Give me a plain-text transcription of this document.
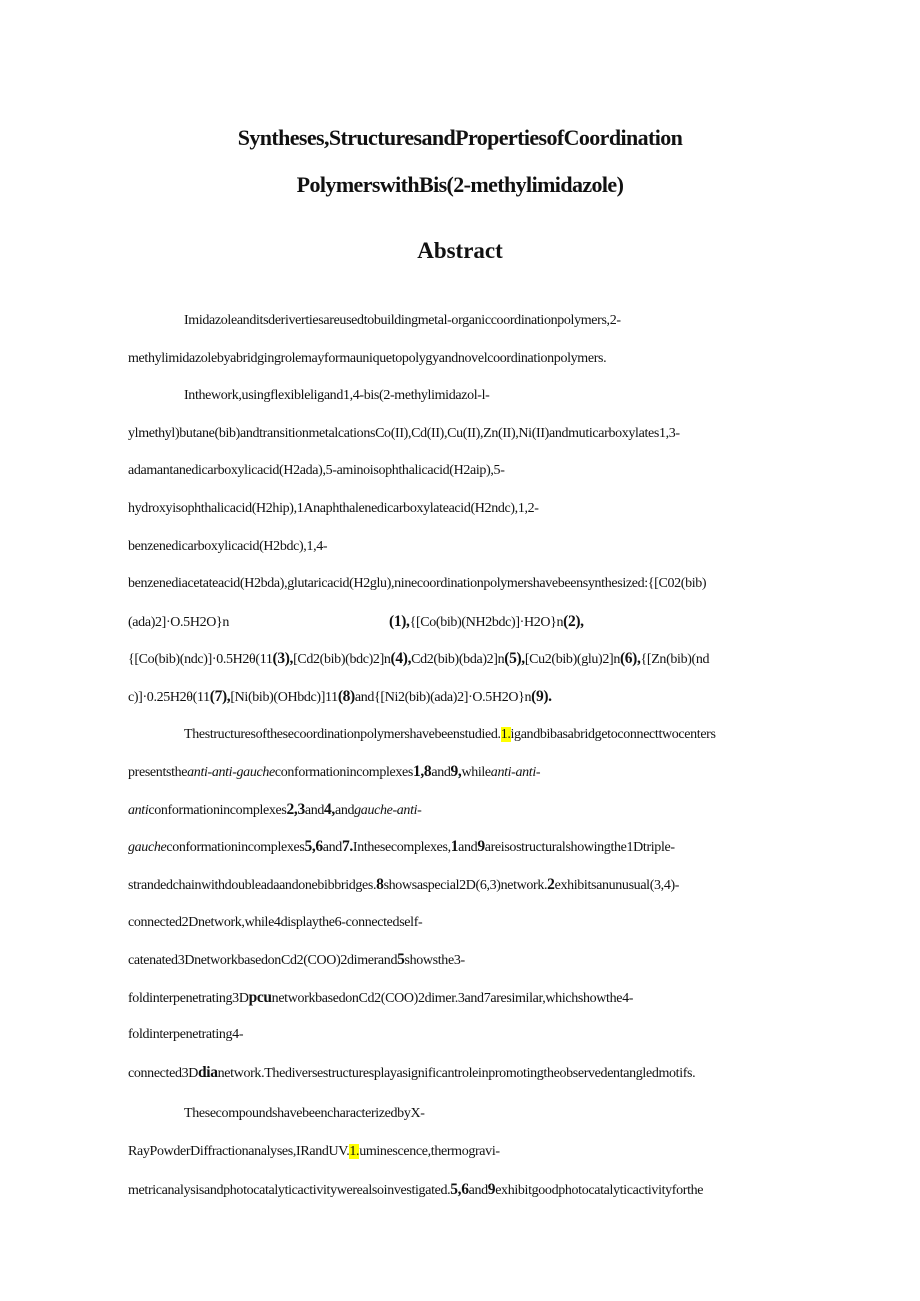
Syntheses,StructuresandPropertiesofCoordination
PolymerswithBis(2-methylimidazole)
Abstract
Imidazoleanditsderivertiesareusedtobuildingmetal-organiccoordinationpolymers,2-
methylimidazolebyabridgingrolemayformauniquetopolygyandnovelcoordinationpolymers.
Inthework,usingflexibleligand1,4-bis(2-methylimidazol-l-
ylmethyl)butane(bib)andtransitionmetalcationsCo(II),Cd(II),Cu(II),Zn(II),Ni(II)andmuticarboxylates1,3-
adamantanedicarboxylicacid(H2ada),5-aminoisophthalicacid(H2aip),5-
hydroxyisophthalicacid(H2hip),1Anaphthalenedicarboxylateacid(H2ndc),1,2-
benzenedicarboxylicacid(H2bdc),1,4-
benzenediacetateacid(H2bda),glutaricacid(H2glu),ninecoordinationpolymershavebeensynthesized:{[C02(bib)
(ada)2]·O.5H2O}n	(1),{[Co(bib)(NH2bdc)]·H2O}n(2),
{[Co(bib)(ndc)]·0.5H2θ(11(3),[Cd2(bib)(bdc)2]n(4),Cd2(bib)(bda)2]n(5),[Cu2(bib)(glu)2]n(6),{[Zn(bib)(nd
c)]·0.25H2θ(11(7),[Ni(bib)(OHbdc)]11(8)and{[Ni2(bib)(ada)2]·O.5H2O}n(9).
Thestructuresofthesecoordinationpolymershavebeenstudied.1.igandbibasabridgetoconnecttwocenters
presentstheanti-anti-gaucheconformationincomplexes1,8and9,whileanti-anti-
anticonformationincomplexes2,3and4,andgauche-anti-
gaucheconformationincomplexes5,6and7.Inthesecomplexes,1and9areisostructuralshowingthe1Dtriple-
strandedchainwithdoubleadaandonebibbridges.8showsaspecial2D(6,3)network.2exhibitsanunusual(3,4)-
connected2Dnetwork,while4displaythe6-connectedself-
catenated3DnetworkbasedonCd2(COO)2dimerand5showsthe3-
foldinterpenetrating3DpcunetworkbasedonCd2(COO)2dimer.3and7aresimilar,whichshowthe4-
foldinterpenetrating4-
connected3Ddianetwork.Thediversestructuresplayasignificantroleinpromotingtheobservedentangledmotifs.
ThesecompoundshavebeencharacterizedbyX-
RayPowderDiffractionanalyses,IRandUV.1.uminescence,thermogravi-
metricanalysisandphotocatalyticactivitywerealsoinvestigated.5,6and9exhibitgoodphotocatalyticactivityforthe
